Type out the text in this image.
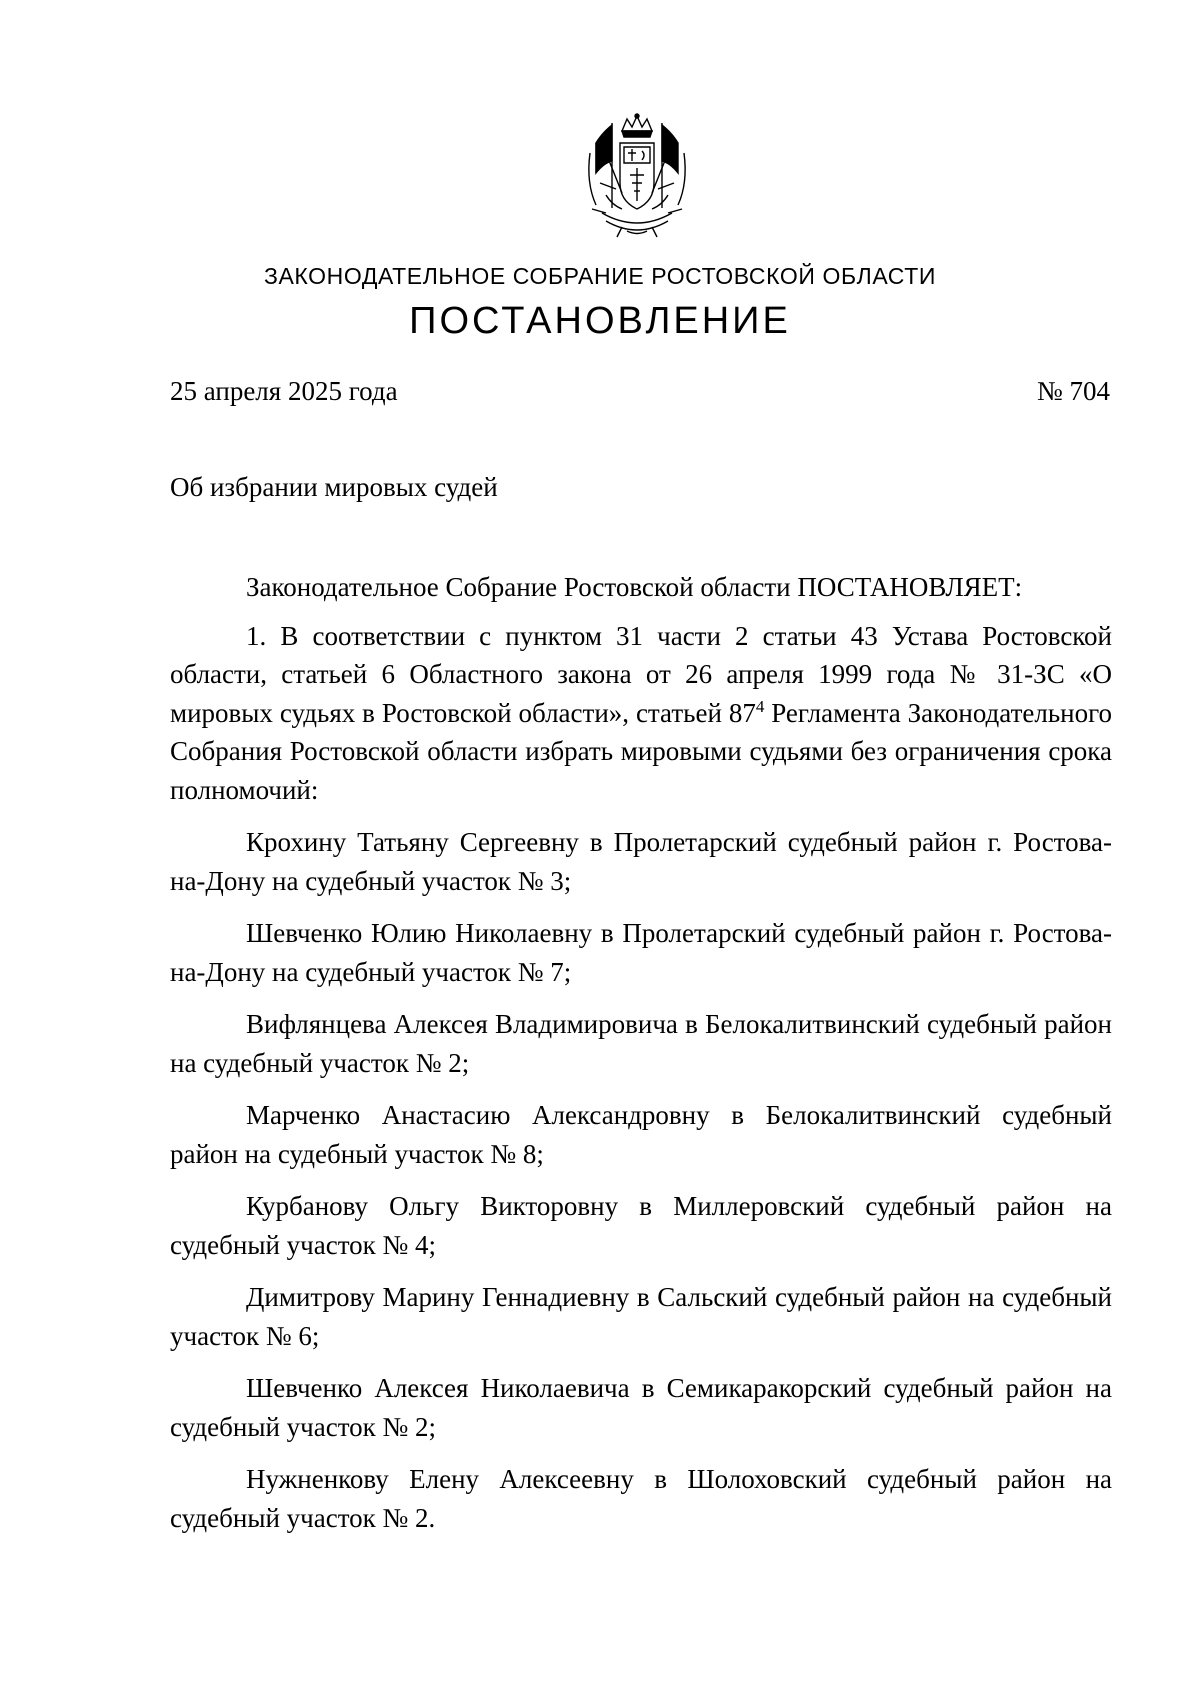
ЗАКОНОДАТЕЛЬНОЕ СОБРАНИЕ РОСТОВСКОЙ ОБЛАСТИ
ПОСТАНОВЛЕНИЕ
25 апреля 2025 года	№ 704
Об избрании мировых судей

Законодательное Собрание Ростовской области ПОСТАНОВЛЯЕТ:

1. В соответствии с пунктом 31 части 2 статьи 43 Устава Ростовской области, статьей 6 Областного закона от 26 апреля 1999 года № 31-ЗС «О мировых судьях в Ростовской области», статьей $87^4$ Регламента Законодательного Собрания Ростовской области избрать мировыми судьями без ограничения срока полномочий:

Крохину Татьяну Сергеевну в Пролетарский судебный район г. Ростова-на-Дону на судебный участок № 3;

Шевченко Юлию Николаевну в Пролетарский судебный район г. Ростова-на-Дону на судебный участок № 7;

Вифлянцева Алексея Владимировича в Белокалитвинский судебный район на судебный участок № 2;

Марченко Анастасию Александровну в Белокалитвинский судебный район на судебный участок № 8;

Курбанову Ольгу Викторовну в Миллеровский судебный район на судебный участок № 4;

Димитрову Марину Геннадиевну в Сальский судебный район на судебный участок № 6;

Шевченко Алексея Николаевича в Семикаракорский судебный район на судебный участок № 2;

Нужненкову Елену Алексеевну в Шолоховский судебный район на судебный участок № 2.
